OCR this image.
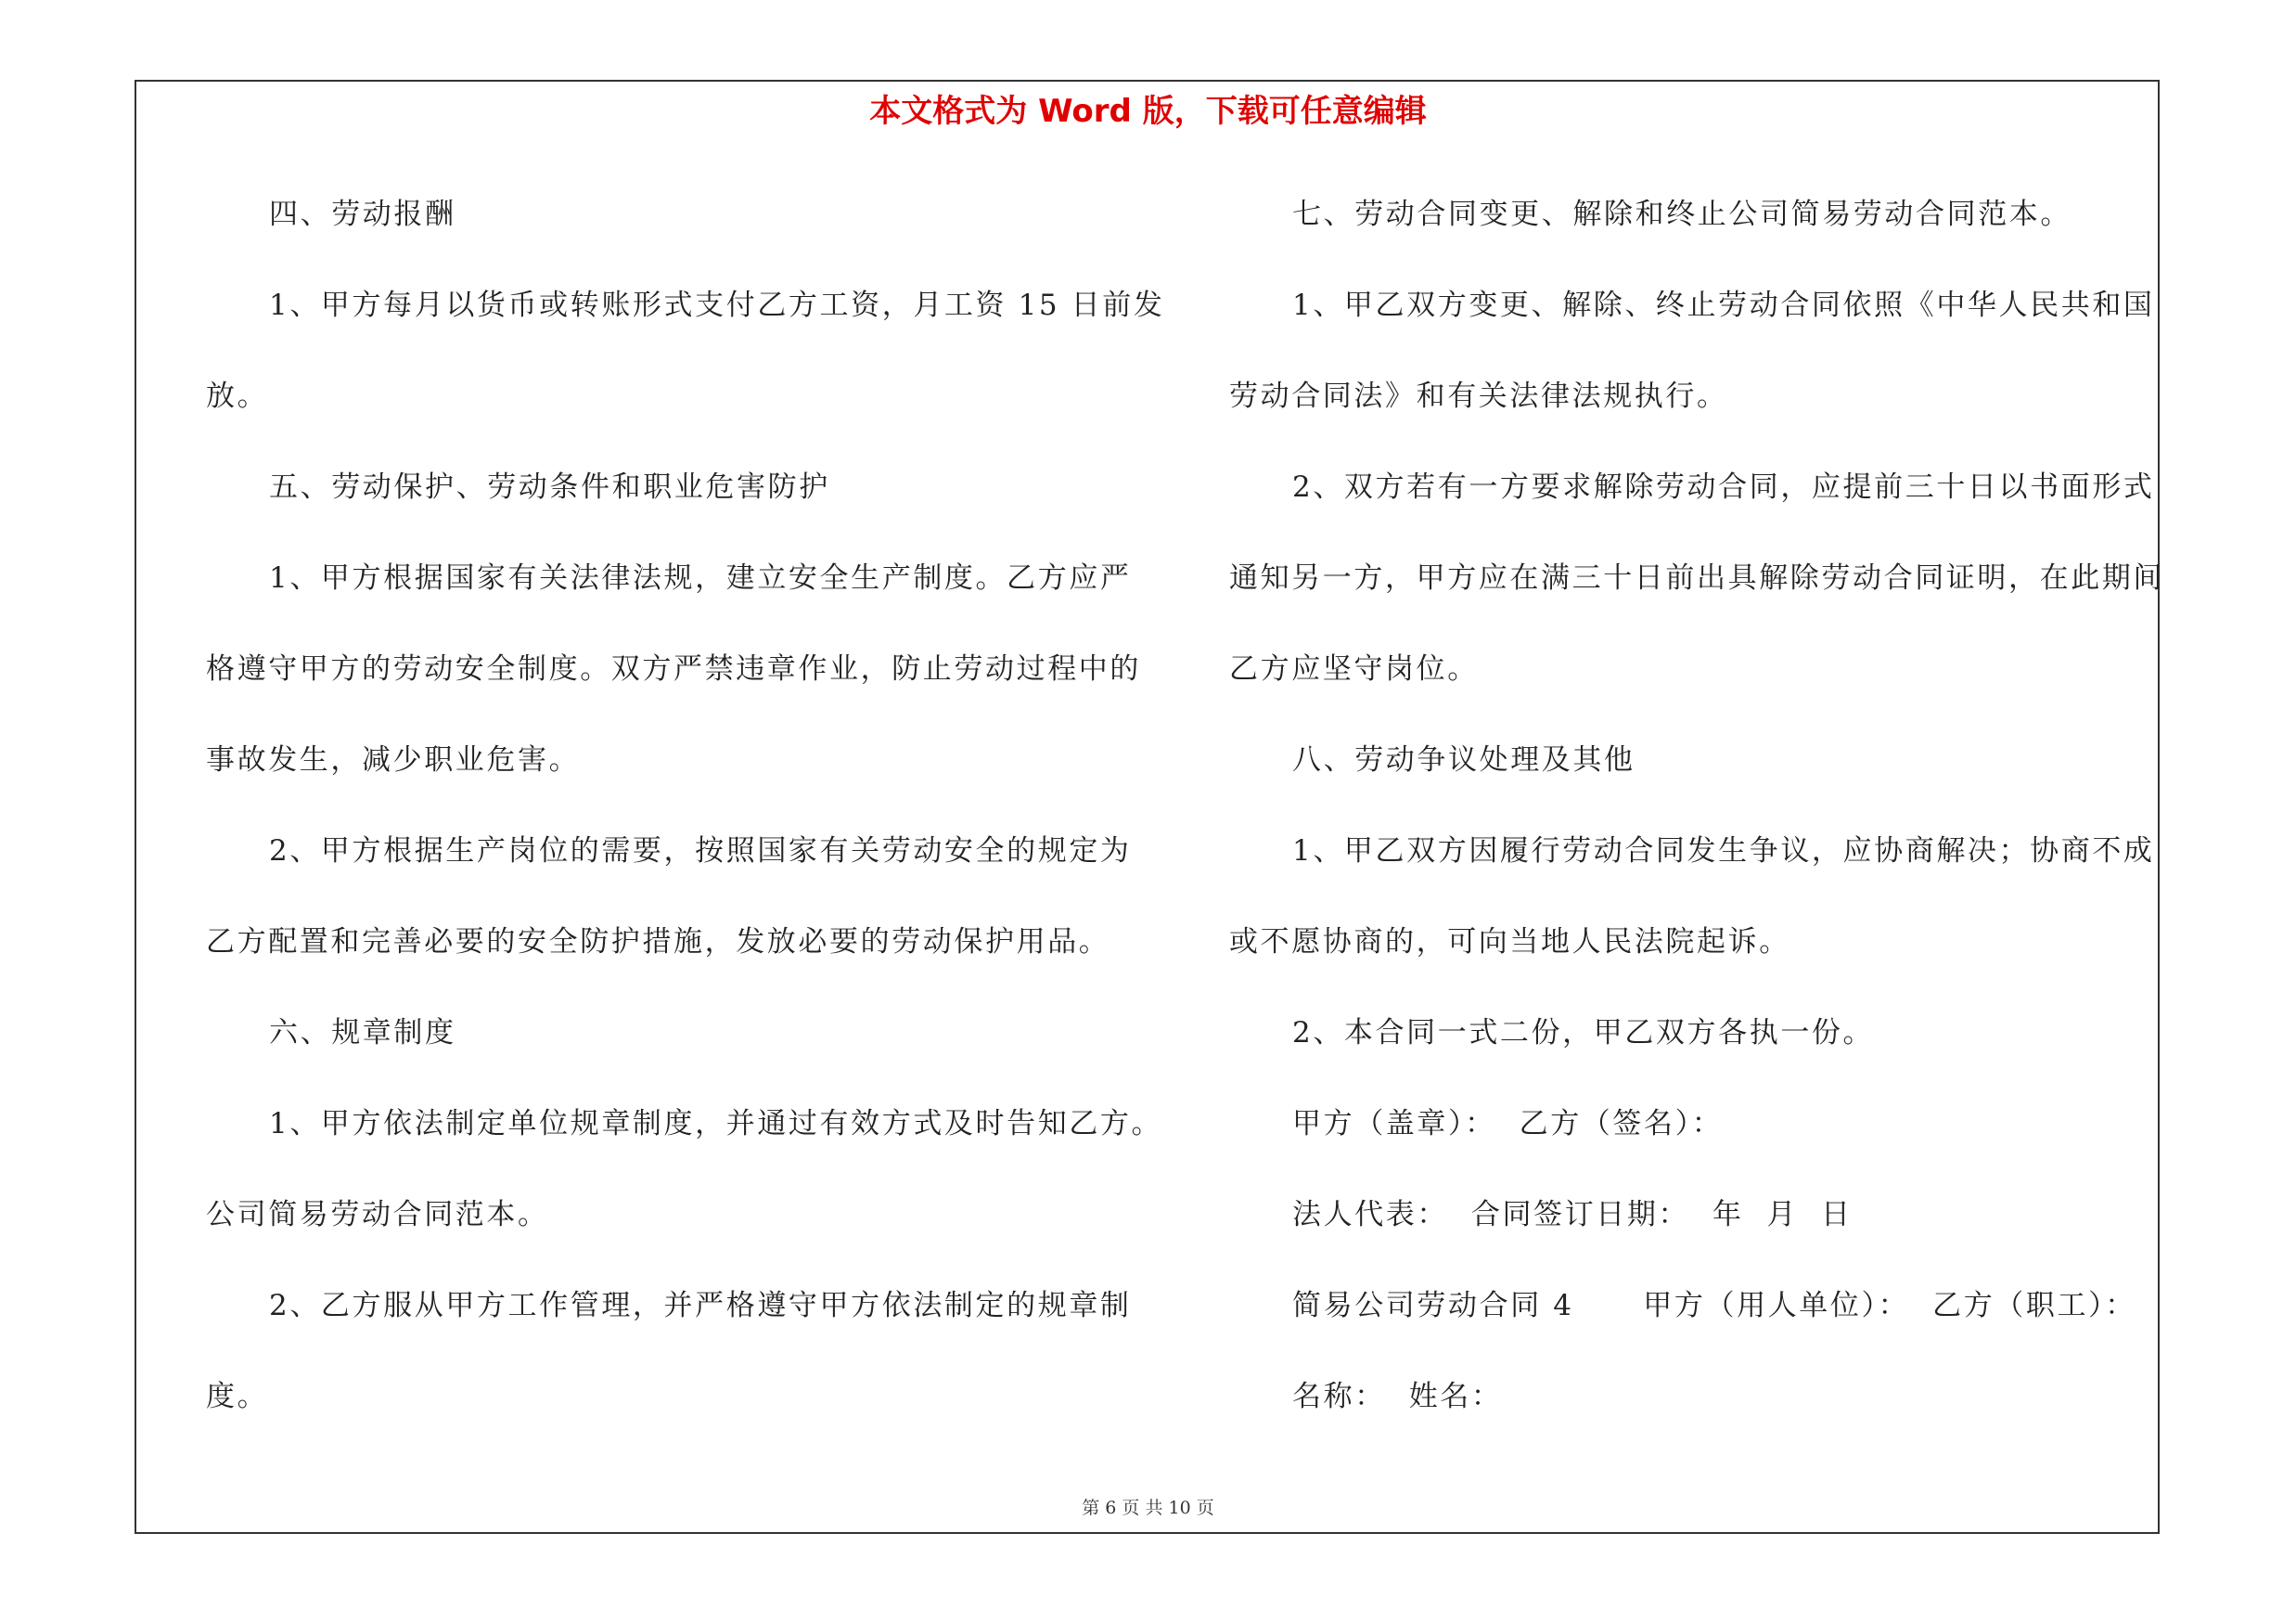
本文格式为 Word 版，下载可任意编辑
四、劳动报酬
1、甲方每月以货币或转账形式支付乙方工资，月工资 15 日前发
放。
五、劳动保护、劳动条件和职业危害防护
1、甲方根据国家有关法律法规，建立安全生产制度。乙方应严
格遵守甲方的劳动安全制度。双方严禁违章作业，防止劳动过程中的
事故发生，减少职业危害。
2、甲方根据生产岗位的需要，按照国家有关劳动安全的规定为
乙方配置和完善必要的安全防护措施，发放必要的劳动保护用品。
六、规章制度
1、甲方依法制定单位规章制度，并通过有效方式及时告知乙方。
公司简易劳动合同范本。
2、乙方服从甲方工作管理，并严格遵守甲方依法制定的规章制
度。
七、劳动合同变更、解除和终止公司简易劳动合同范本。
1、甲乙双方变更、解除、终止劳动合同依照《中华人民共和国
劳动合同法》和有关法律法规执行。
2、双方若有一方要求解除劳动合同，应提前三十日以书面形式
通知另一方，甲方应在满三十日前出具解除劳动合同证明，在此期间
乙方应坚守岗位。
八、劳动争议处理及其他
1、甲乙双方因履行劳动合同发生争议，应协商解决；协商不成
或不愿协商的，可向当地人民法院起诉。
2、本合同一式二份，甲乙双方各执一份。
甲方（盖章）：  乙方（签名）：
法人代表：  合同签订日期：  年  月  日
简易公司劳动合同 4      甲方（用人单位）：  乙方（职工）：
名称：  姓名：
第 6 页 共 10 页
